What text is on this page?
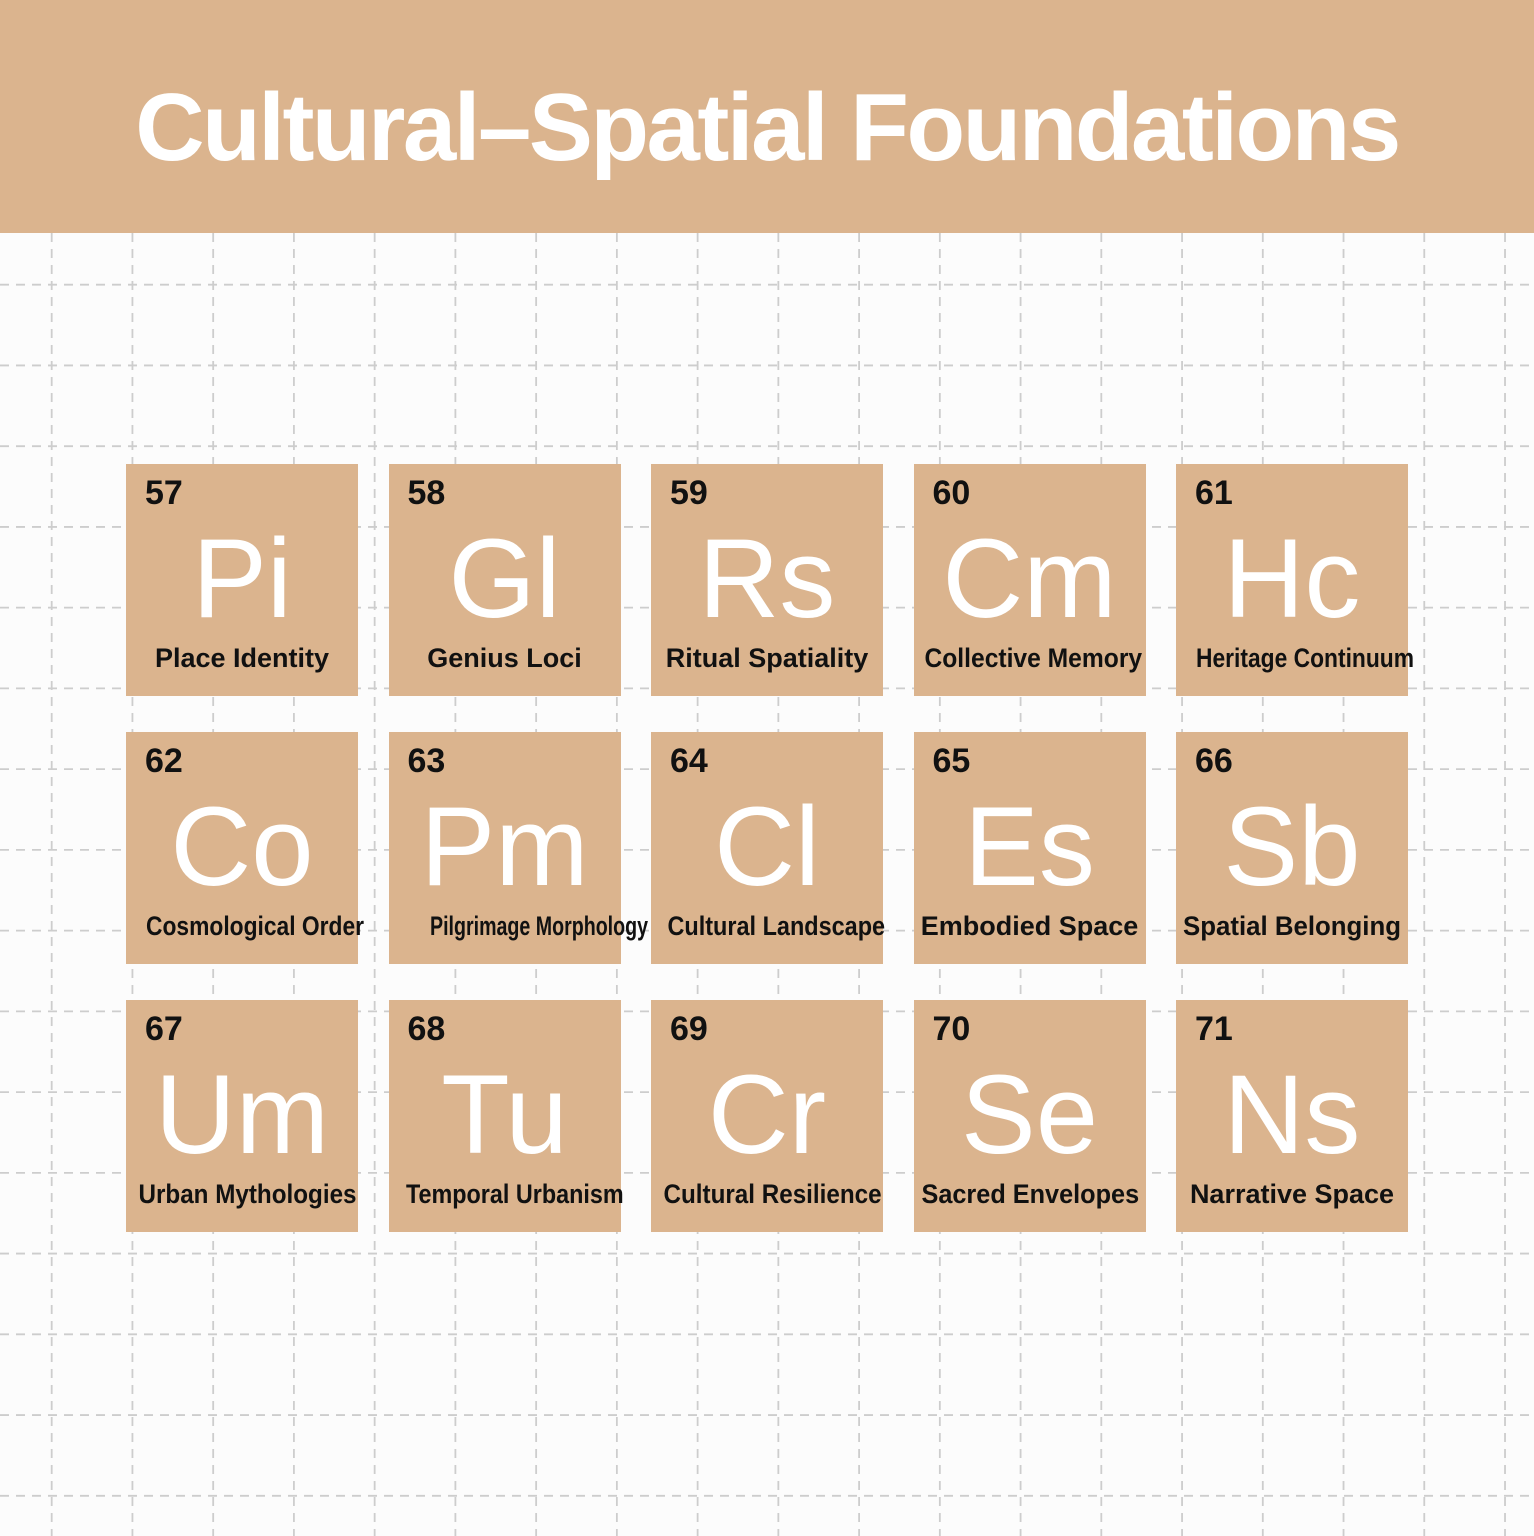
Cultural–Spatial Foundations
57
Pi
Place Identity
58
Gl
Genius Loci
59
Rs
Ritual Spatiality
60
Cm
Collective Memory
61
Hc
Heritage Continuum
62
Co
Cosmological Order
63
Pm
Pilgrimage Morphology
64
Cl
Cultural Landscape
65
Es
Embodied Space
66
Sb
Spatial Belonging
67
Um
Urban Mythologies
68
Tu
Temporal Urbanism
69
Cr
Cultural Resilience
70
Se
Sacred Envelopes
71
Ns
Narrative Space
